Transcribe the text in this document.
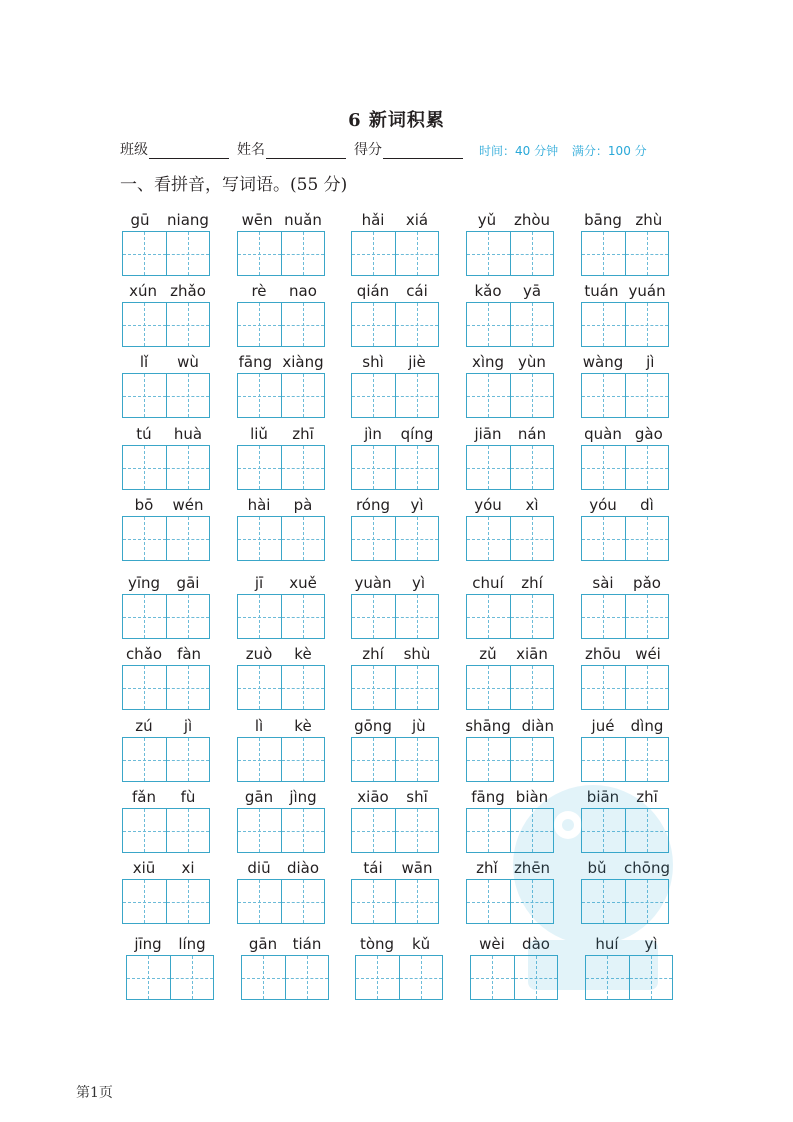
6 新词积累
班级	姓名	得分	时间：40 分钟 满分：100 分
一、看拼音，写词语。(55 分)
gū	niang wēn nuǎn	hǎi	xiá	yǔ	zhòu bāng zhù
xún zhǎo	rè	nao	qián	cái	kǎo	yā	tuán yuán
lǐ	wù	fāng xiàng	shì	jiè	xìng yùn wàng	jì
tú	huà	liǔ	zhī	jìn	qíng	jiān nán	quàn gào
bō	wén	hài	pà	róng	yì	yóu	xì	yóu	dì
yīng	gāi	jī	xuě	yuàn	yì	chuí	zhí	sài	pǎo
chǎo	fàn	zuò	kè	zhí	shù	zǔ	xiān zhōu wéi
zú	jì	lì	kè	gōng	jù	shāng diàn	jué	dìng
fǎn	fù	gān jìng	xiāo	shī	fāng biàn	biān	zhī
xiū	xi	diū	diào	tái	wān	zhǐ	zhēn	bǔ	chōng
jīng líng	gān tián	tòng	kǔ	wèi dào	huí	yì
第1页
